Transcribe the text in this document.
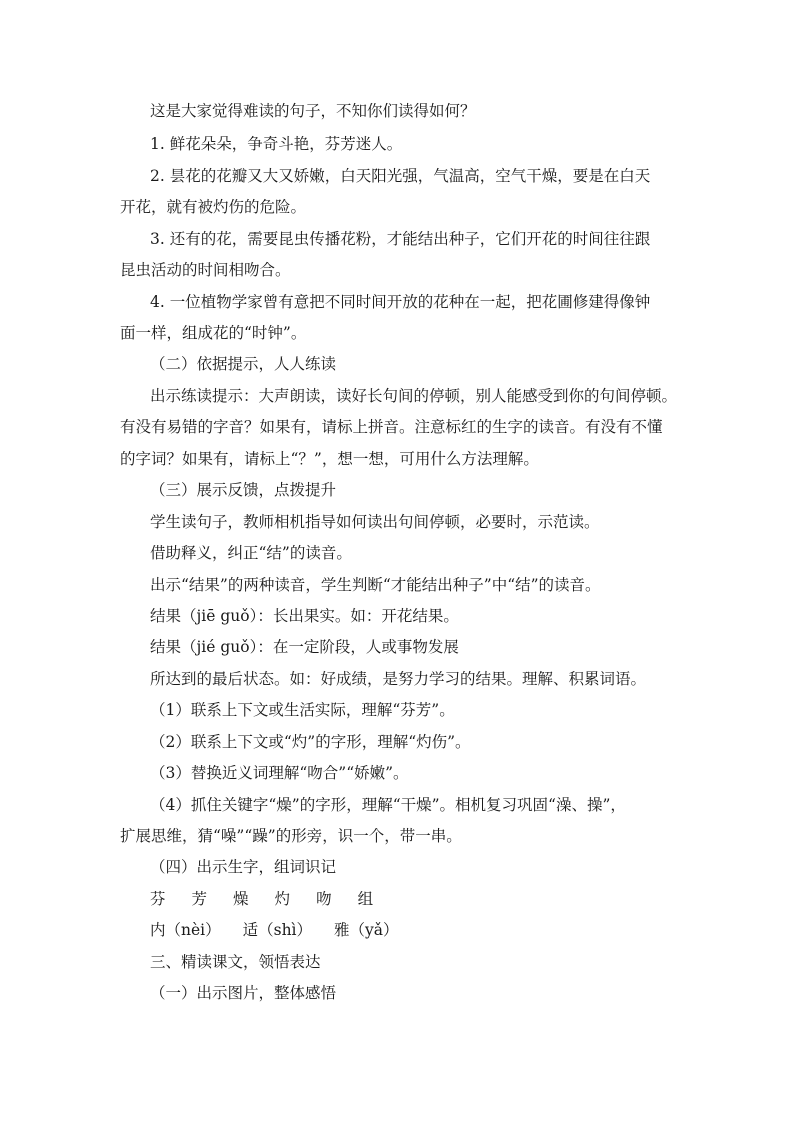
这是大家觉得难读的句子，不知你们读得如何？
1. 鲜花朵朵，争奇斗艳，芬芳迷人。
2. 昙花的花瓣又大又娇嫩，白天阳光强，气温高，空气干燥，要是在白天
开花，就有被灼伤的危险。
3. 还有的花，需要昆虫传播花粉，才能结出种子，它们开花的时间往往跟
昆虫活动的时间相吻合。
4. 一位植物学家曾有意把不同时间开放的花种在一起，把花圃修建得像钟
面一样，组成花的“时钟”。
（二）依据提示，人人练读
出示练读提示：大声朗读，读好长句间的停顿，别人能感受到你的句间停顿。
有没有易错的字音？如果有，请标上拼音。注意标红的生字的读音。有没有不懂
的字词？如果有，请标上“？”，想一想，可用什么方法理解。
（三）展示反馈，点拨提升
学生读句子，教师相机指导如何读出句间停顿，必要时，示范读。
借助释义，纠正“结”的读音。
出示“结果”的两种读音，学生判断“才能结出种子”中“结”的读音。
结果（jiē guǒ）：长出果实。如：开花结果。
结果（jié guǒ）：在一定阶段，人或事物发展
所达到的最后状态。如：好成绩，是努力学习的结果。理解、积累词语。
（1）联系上下文或生活实际，理解“芬芳”。
（2）联系上下文或“灼”的字形，理解“灼伤”。
（3）替换近义词理解“吻合”“娇嫩”。
（4）抓住关键字“燥”的字形，理解“干燥”。相机复习巩固“澡、操”，
扩展思维，猜“噪”“躁”的形旁，识一个，带一串。
（四）出示生字，组词识记
芬 芳 燥 灼 吻 组
内（nèi） 适（shì） 雅（yǎ）
三、精读课文，领悟表达
（一）出示图片，整体感悟
